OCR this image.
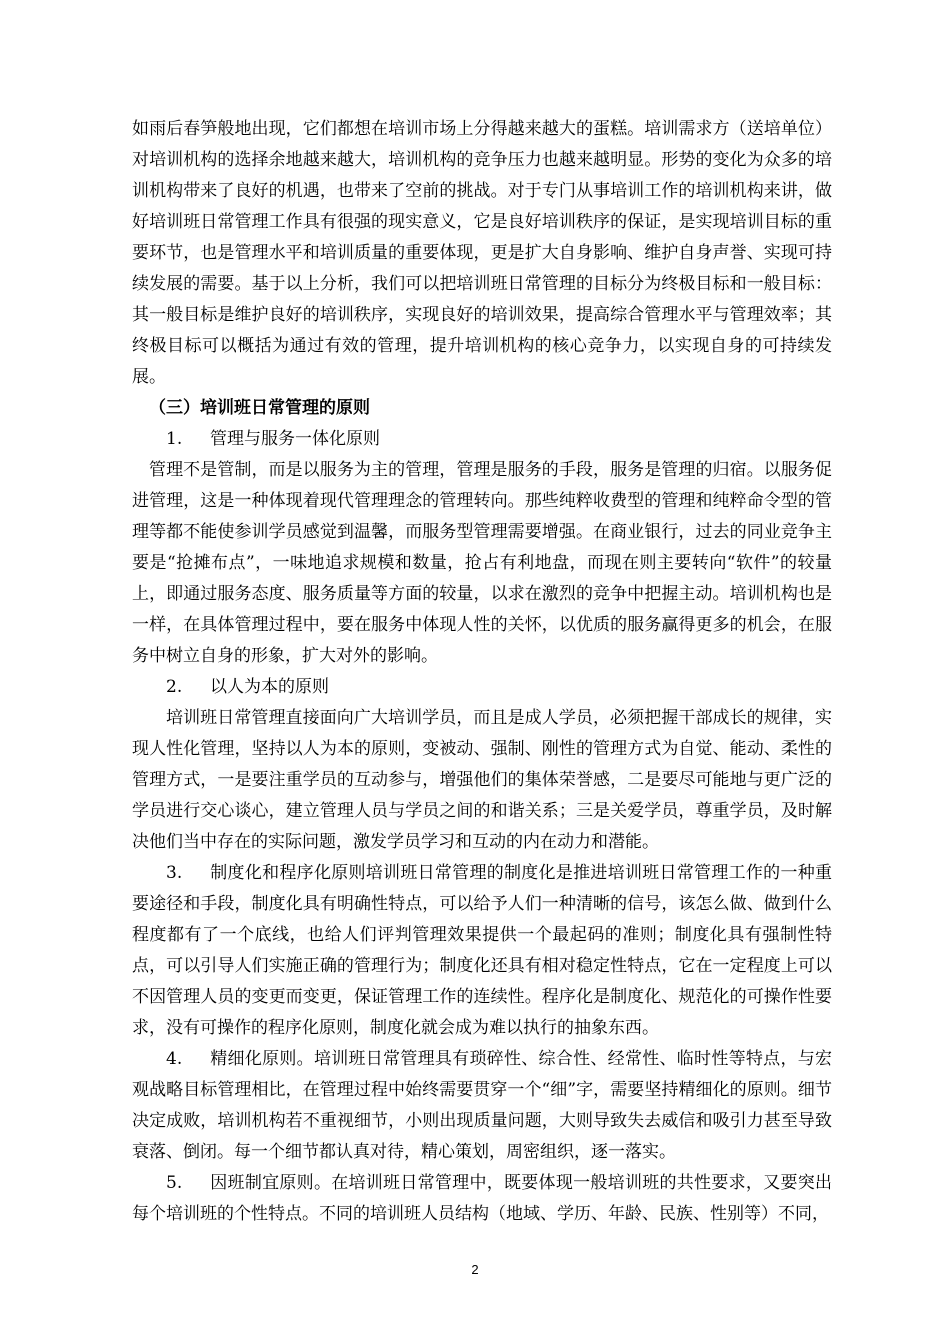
如雨后春笋般地出现，它们都想在培训市场上分得越来越大的蛋糕。培训需求方（送培单位）对培训机构的选择余地越来越大，培训机构的竞争压力也越来越明显。形势的变化为众多的培训机构带来了良好的机遇，也带来了空前的挑战。对于专门从事培训工作的培训机构来讲，做好培训班日常管理工作具有很强的现实意义，它是良好培训秩序的保证，是实现培训目标的重要环节，也是管理水平和培训质量的重要体现，更是扩大自身影响、维护自身声誉、实现可持续发展的需要。基于以上分析，我们可以把培训班日常管理的目标分为终极目标和一般目标：其一般目标是维护良好的培训秩序，实现良好的培训效果，提高综合管理水平与管理效率；其终极目标可以概括为通过有效的管理，提升培训机构的核心竞争力，以实现自身的可持续发展。

（三）培训班日常管理的原则

1. 管理与服务一体化原则

管理不是管制，而是以服务为主的管理，管理是服务的手段，服务是管理的归宿。以服务促进管理，这是一种体现着现代管理理念的管理转向。那些纯粹收费型的管理和纯粹命令型的管理等都不能使参训学员感觉到温馨，而服务型管理需要增强。在商业银行，过去的同业竞争主要是“抢摊布点”，一味地追求规模和数量，抢占有利地盘，而现在则主要转向“软件”的较量上，即通过服务态度、服务质量等方面的较量，以求在激烈的竞争中把握主动。培训机构也是一样，在具体管理过程中，要在服务中体现人性的关怀，以优质的服务赢得更多的机会，在服务中树立自身的形象，扩大对外的影响。

2. 以人为本的原则

培训班日常管理直接面向广大培训学员，而且是成人学员，必须把握干部成长的规律，实现人性化管理，坚持以人为本的原则，变被动、强制、刚性的管理方式为自觉、能动、柔性的管理方式，一是要注重学员的互动参与，增强他们的集体荣誉感，二是要尽可能地与更广泛的学员进行交心谈心，建立管理人员与学员之间的和谐关系；三是关爱学员，尊重学员，及时解决他们当中存在的实际问题，激发学员学习和互动的内在动力和潜能。

3. 制度化和程序化原则培训班日常管理的制度化是推进培训班日常管理工作的一种重要途径和手段，制度化具有明确性特点，可以给予人们一种清晰的信号，该怎么做、做到什么程度都有了一个底线，也给人们评判管理效果提供一个最起码的准则；制度化具有强制性特点，可以引导人们实施正确的管理行为；制度化还具有相对稳定性特点，它在一定程度上可以不因管理人员的变更而变更，保证管理工作的连续性。程序化是制度化、规范化的可操作性要求，没有可操作的程序化原则，制度化就会成为难以执行的抽象东西。

4. 精细化原则。培训班日常管理具有琐碎性、综合性、经常性、临时性等特点，与宏观战略目标管理相比，在管理过程中始终需要贯穿一个“细”字，需要坚持精细化的原则。细节决定成败，培训机构若不重视细节，小则出现质量问题，大则导致失去威信和吸引力甚至导致衰落、倒闭。每一个细节都认真对待，精心策划，周密组织，逐一落实。

5. 因班制宜原则。在培训班日常管理中，既要体现一般培训班的共性要求，又要突出每个培训班的个性特点。不同的培训班人员结构（地域、学历、年龄、民族、性别等）不同，

2
